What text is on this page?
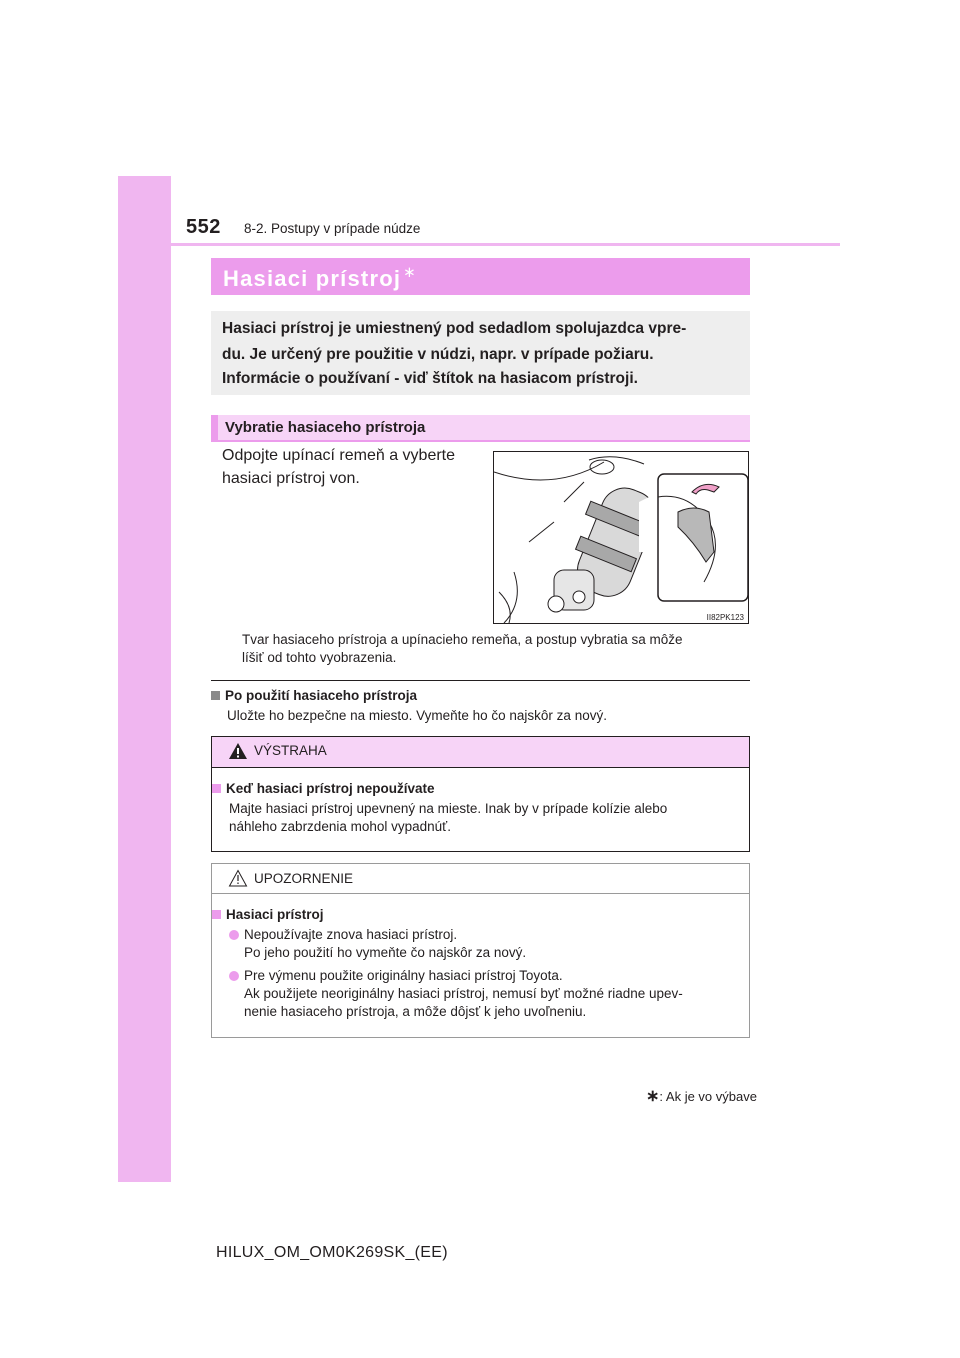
552 8-2. Postupy v prípade núdze
Hasiaci prístroj ∗
Hasiaci prístroj je umiestnený pod sedadlom spolujazdca vpre-
du. Je určený pre použitie v núdzi, napr. v prípade požiaru.
Informácie o používaní - viď štítok na hasiacom prístroji.
Vybratie hasiaceho prístroja
Odpojte upínací remeň a vyberte
hasiaci prístroj von.
II82PK123
Tvar hasiaceho prístroja a upínacieho remeňa, a postup vybratia sa môže
líšiť od tohto vyobrazenia.
Po použití hasiaceho prístroja
Uložte ho bezpečne na miesto. Vymeňte ho čo najskôr za nový.
VÝSTRAHA
Keď hasiaci prístroj nepoužívate
Majte hasiaci prístroj upevnený na mieste. Inak by v prípade kolízie alebo
náhleho zabrzdenia mohol vypadnúť.
UPOZORNENIE
Hasiaci prístroj
Nepoužívajte znova hasiaci prístroj.
Po jeho použití ho vymeňte čo najskôr za nový.
Pre výmenu použite originálny hasiaci prístroj Toyota.
Ak použijete neoriginálny hasiaci prístroj, nemusí byť možné riadne upev-
nenie hasiaceho prístroja, a môže dôjsť k jeho uvoľneniu.
∗: Ak je vo výbave
HILUX_OM_OM0K269SK_(EE)
